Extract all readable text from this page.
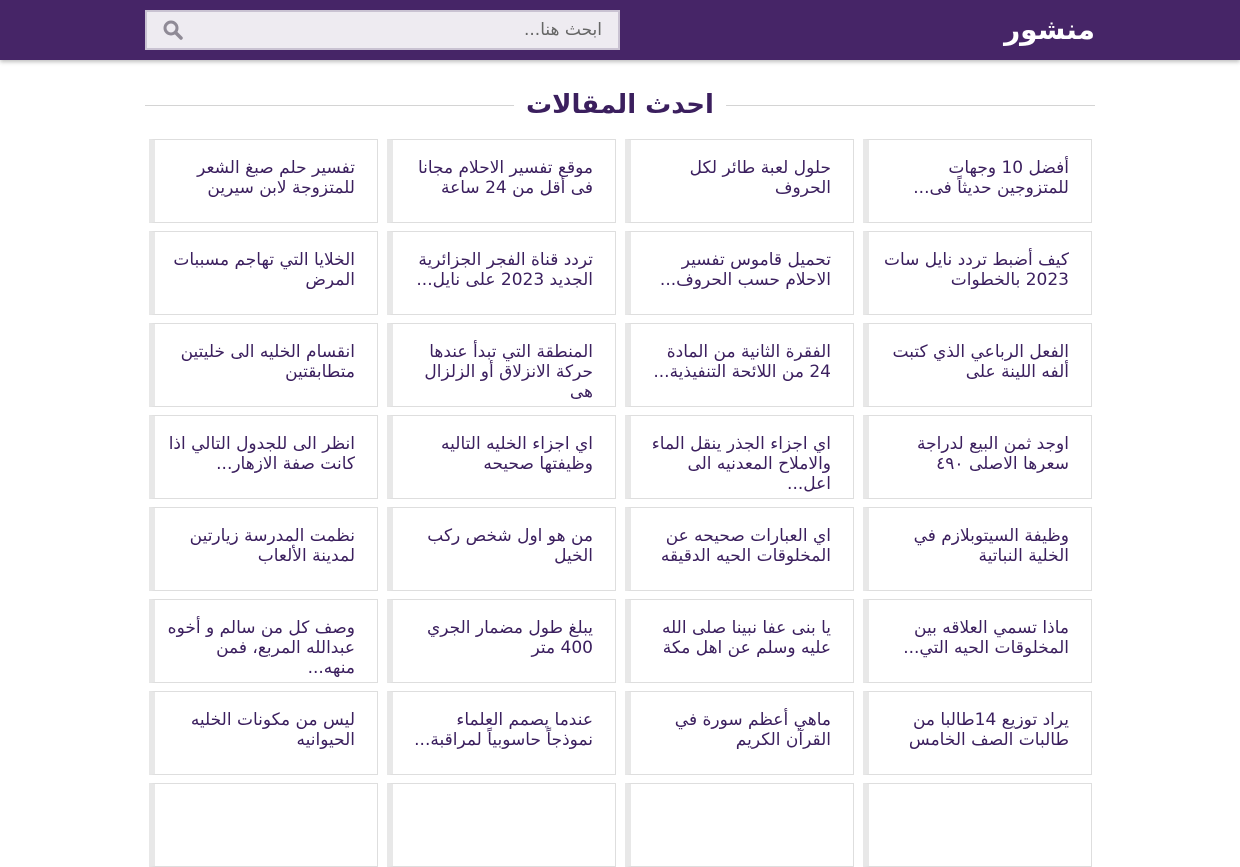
منشور
ابحث هنا...
احدث المقالات
أفضل 10 وجهات للمتزوجين حديثاً فى...
حلول لعبة طائر لكل الحروف
موقع تفسير الاحلام مجانا فى أقل من 24 ساعة
تفسير حلم صبغ الشعر للمتزوجة لابن سيرين
كيف أضبط تردد نايل سات 2023 بالخطوات
تحميل قاموس تفسير الاحلام حسب الحروف...
تردد قناة الفجر الجزائرية الجديد 2023 على نايل...
الخلايا التي تهاجم مسببات المرض
الفعل الرباعي الذي كتبت ألفه اللينة على
الفقرة الثانية من المادة 24 من اللائحة التنفيذية...
المنطقة التي تبدأ عندها حركة الانزلاق أو الزلزال هى
انقسام الخليه الى خليتين متطابقتين
اوجد ثمن البيع لدراجة سعرها الاصلى ٤٩٠
اي اجزاء الجذر ينقل الماء والاملاح المعدنيه الى اعل...
اي اجزاء الخليه التاليه وظيفتها صحيحه
انظر الى للجدول التالي اذا كانت صفة الازهار...
وظيفة السيتوبلازم في الخلية النباتية
اي العبارات صحيحه عن المخلوقات الحيه الدقيقه
من هو اول شخص ركب الخيل
نظمت المدرسة زيارتين لمدينة الألعاب
ماذا تسمي العلاقه بين المخلوقات الحيه التي...
يا بنى عفا نبينا صلى الله عليه وسلم عن اهل مكة
يبلغ طول مضمار الجري 400 متر
وصف كل من سالم و أخوه عبدالله المربع، فمن منهه...
يراد توزيع 14طالبا من طالبات الصف الخامس
ماهي أعظم سورة في القرآن الكريم
عندما يصمم العلماء نموذجاً حاسوبياً لمراقبة...
ليس من مكونات الخليه الحيوانيه
